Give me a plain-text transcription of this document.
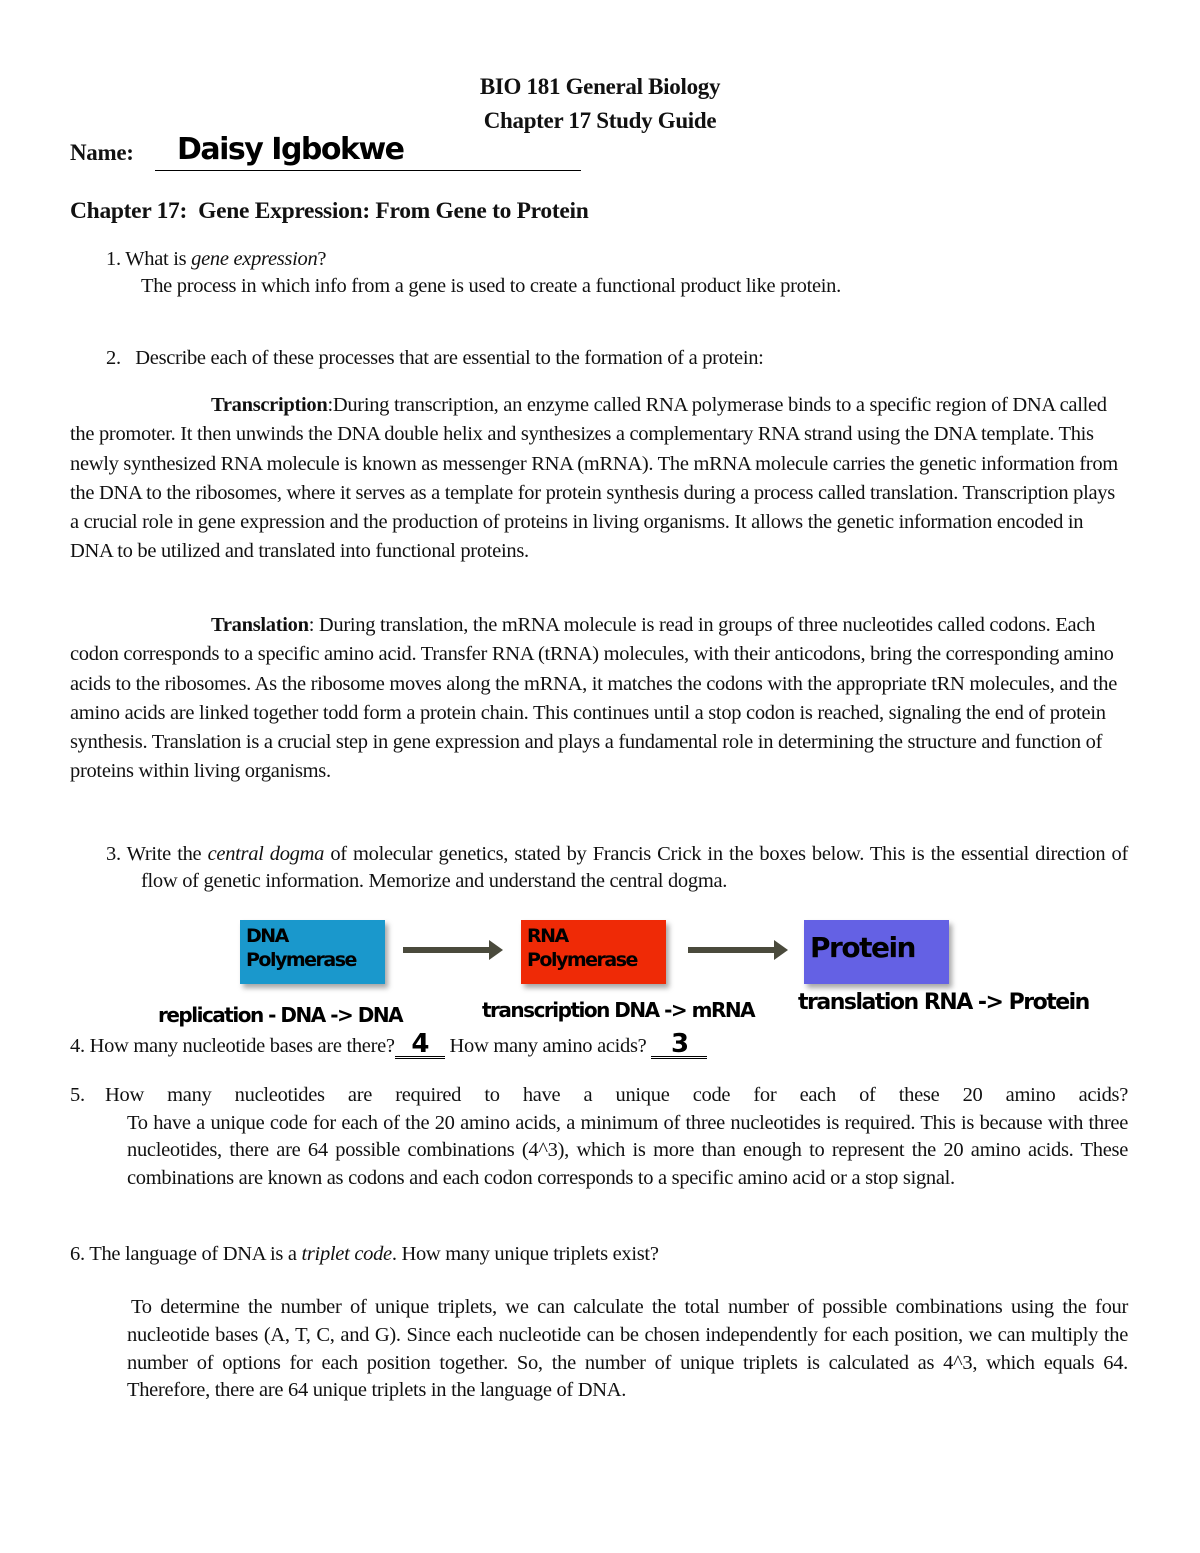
BIO 181 General Biology
Chapter 17 Study Guide
Name: Daisy Igbokwe
Chapter 17:  Gene Expression: From Gene to Protein
1. What is gene expression?
The process in which info from a gene is used to create a functional product like protein.
2. Describe each of these processes that are essential to the formation of a protein:

Transcription:During transcription, an enzyme called RNA polymerase binds to a specific region of DNA called the promoter. It then unwinds the DNA double helix and synthesizes a complementary RNA strand using the DNA template. This newly synthesized RNA molecule is known as messenger RNA (mRNA). The mRNA molecule carries the genetic information from the DNA to the ribosomes, where it serves as a template for protein synthesis during a process called translation. Transcription plays a crucial role in gene expression and the production of proteins in living organisms. It allows the genetic information encoded in DNA to be utilized and translated into functional proteins.

Translation: During translation, the mRNA molecule is read in groups of three nucleotides called codons. Each codon corresponds to a specific amino acid. Transfer RNA (tRNA) molecules, with their anticodons, bring the corresponding amino acids to the ribosomes. As the ribosome moves along the mRNA, it matches the codons with the appropriate tRN molecules, and the amino acids are linked together todd form a protein chain. This continues until a stop codon is reached, signaling the end of protein synthesis. Translation is a crucial step in gene expression and plays a fundamental role in determining the structure and function of proteins within living organisms.

3. Write the central dogma of molecular genetics, stated by Francis Crick in the boxes below. This is the essential direction of flow of genetic information. Memorize and understand the central dogma.
DNA Polymerase
RNA Polymerase	Protein
replication - DNA -> DNA	transcription DNA -> mRNA translation RNA -> Protein
4. How many nucleotide bases are there? 4 How many amino acids? 3
5. How many nucleotides are required to have a unique code for each of these 20 amino acids?
To have a unique code for each of the 20 amino acids, a minimum of three nucleotides is required. This is because with three nucleotides, there are 64 possible combinations (4^3), which is more than enough to represent the 20 amino acids. These combinations are known as codons and each codon corresponds to a specific amino acid or a stop signal.
6. The language of DNA is a triplet code. How many unique triplets exist?

To determine the number of unique triplets, we can calculate the total number of possible combinations using the four nucleotide bases (A, T, C, and G). Since each nucleotide can be chosen independently for each position, we can multiply the number of options for each position together. So, the number of unique triplets is calculated as 4^3, which equals 64. Therefore, there are 64 unique triplets in the language of DNA.
